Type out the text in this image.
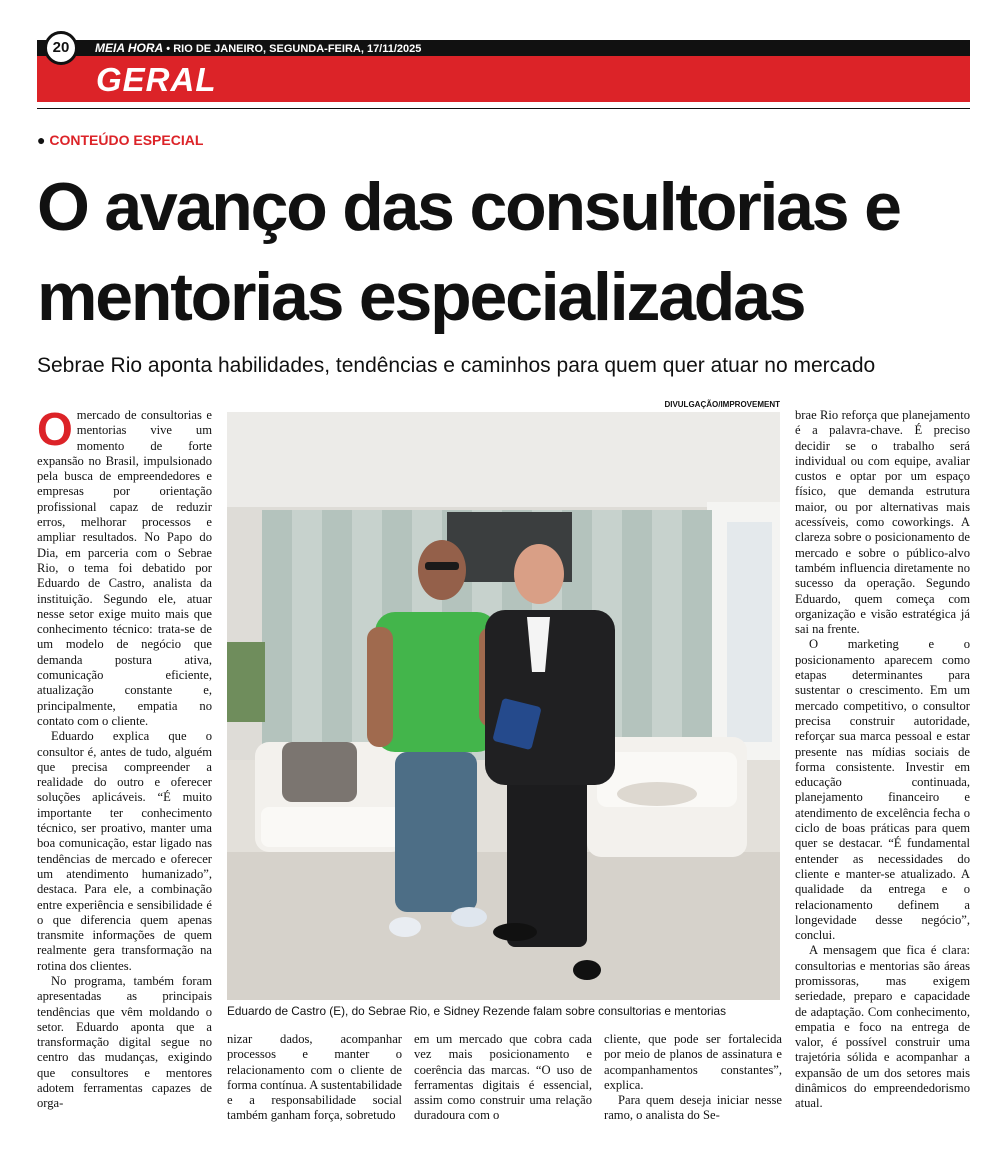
MEIA HORA • RIO DE JANEIRO, SEGUNDA-FEIRA, 17/11/2025
20
GERAL
● CONTEÚDO ESPECIAL
O avanço das consultorias e mentorias especializadas

Sebrae Rio aponta habilidades, tendências e caminhos para quem quer atuar no mercado

Omercado de consultorias e mentorias vive um momento de forte expansão no Brasil, impulsionado pela busca de empreendedores e empresas por orientação profissional capaz de reduzir erros, melhorar processos e ampliar resultados. No Papo do Dia, em parceria com o Sebrae Rio, o tema foi debatido por Eduardo de Castro, analista da instituição. Segundo ele, atuar nesse setor exige muito mais que conhecimento técnico: trata-se de um modelo de negócio que demanda postura ativa, comunicação eficiente, atualização constante e, principalmente, empatia no contato com o cliente.

Eduardo explica que o consultor é, antes de tudo, alguém que precisa compreender a realidade do outro e oferecer soluções aplicáveis. “É muito importante ter conhecimento técnico, ser proativo, manter uma boa comunicação, estar ligado nas tendências de mercado e oferecer um atendimento humanizado”, destaca. Para ele, a combinação entre experiência e sensibilidade é o que diferencia quem apenas transmite informações de quem realmente gera transformação na rotina dos clientes.

No programa, também foram apresentadas as principais tendências que vêm moldando o setor. Eduardo aponta que a transformação digital segue no centro das mudanças, exigindo que consultores e mentores adotem ferramentas capazes de orga-

DIVULGAÇÃO/IMPROVEMENT
Eduardo de Castro (E), do Sebrae Rio, e Sidney Rezende falam sobre consultorias e mentorias

nizar dados, acompanhar processos e manter o relacionamento com o cliente de forma contínua. A sustentabilidade e a responsabilidade social também ganham força, sobretudo

em um mercado que cobra cada vez mais posicionamento e coerência das marcas. “O uso de ferramentas digitais é essencial, assim como construir uma relação duradoura com o

cliente, que pode ser fortalecida por meio de planos de assinatura e acompanhamentos constantes”, explica.

Para quem deseja iniciar nesse ramo, o analista do Se-

brae Rio reforça que planejamento é a palavra-chave. É preciso decidir se o trabalho será individual ou com equipe, avaliar custos e optar por um espaço físico, que demanda estrutura maior, ou por alternativas mais acessíveis, como coworkings. A clareza sobre o posicionamento de mercado e sobre o público-alvo também influencia diretamente no sucesso da operação. Segundo Eduardo, quem começa com organização e visão estratégica já sai na frente.

O marketing e o posicionamento aparecem como etapas determinantes para sustentar o crescimento. Em um mercado competitivo, o consultor precisa construir autoridade, reforçar sua marca pessoal e estar presente nas mídias sociais de forma consistente. Investir em educação continuada, planejamento financeiro e atendimento de excelência fecha o ciclo de boas práticas para quem quer se destacar. “É fundamental entender as necessidades do cliente e manter-se atualizado. A qualidade da entrega e o relacionamento definem a longevidade desse negócio”, conclui.

A mensagem que fica é clara: consultorias e mentorias são áreas promissoras, mas exigem seriedade, preparo e capacidade de adaptação. Com conhecimento, empatia e foco na entrega de valor, é possível construir uma trajetória sólida e acompanhar a expansão de um dos setores mais dinâmicos do empreendedorismo atual.
